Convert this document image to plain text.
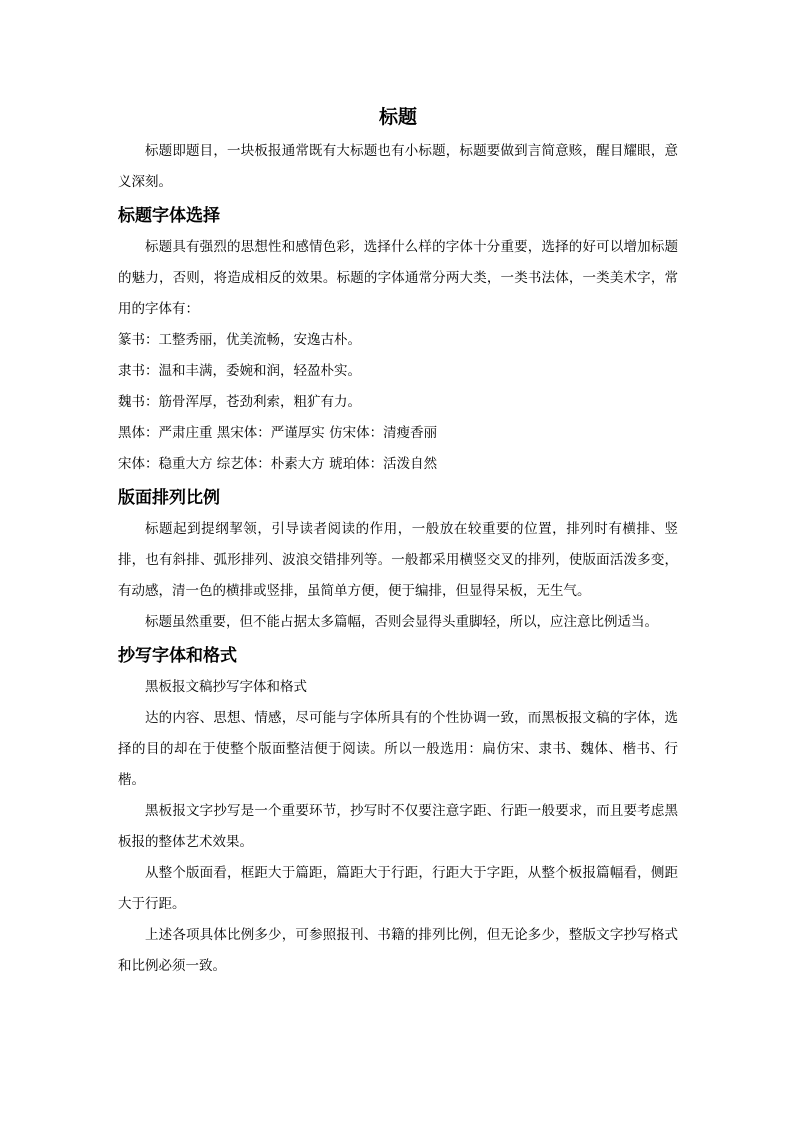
标题

标题即题目，一块板报通常既有大标题也有小标题，标题要做到言简意赅，醒目耀眼，意义深刻。

标题字体选择

标题具有强烈的思想性和感情色彩，选择什么样的字体十分重要，选择的好可以增加标题的魅力，否则，将造成相反的效果。标题的字体通常分两大类，一类书法体，一类美术字，常用的字体有：

篆书：工整秀丽，优美流畅，安逸古朴。

隶书：温和丰满，委婉和润，轻盈朴实。

魏书：筋骨浑厚，苍劲利索，粗犷有力。

黑体：严肃庄重 黑宋体：严谨厚实 仿宋体：清瘦香丽

宋体：稳重大方 综艺体：朴素大方 琥珀体：活泼自然

版面排列比例

标题起到提纲挈领，引导读者阅读的作用，一般放在较重要的位置，排列时有横排、竖排，也有斜排、弧形排列、波浪交错排列等。一般都采用横竖交叉的排列，使版面活泼多变，有动感，清一色的横排或竖排，虽简单方便，便于编排，但显得呆板，无生气。

标题虽然重要，但不能占据太多篇幅，否则会显得头重脚轻，所以，应注意比例适当。

抄写字体和格式

黑板报文稿抄写字体和格式

达的内容、思想、情感，尽可能与字体所具有的个性协调一致，而黑板报文稿的字体，选择的目的却在于使整个版面整洁便于阅读。所以一般选用：扁仿宋、隶书、魏体、楷书、行楷。

黑板报文字抄写是一个重要环节，抄写时不仅要注意字距、行距一般要求，而且要考虑黑板报的整体艺术效果。

从整个版面看，框距大于篇距，篇距大于行距，行距大于字距，从整个板报篇幅看，侧距大于行距。

上述各项具体比例多少，可参照报刊、书籍的排列比例，但无论多少，整版文字抄写格式和比例必须一致。
